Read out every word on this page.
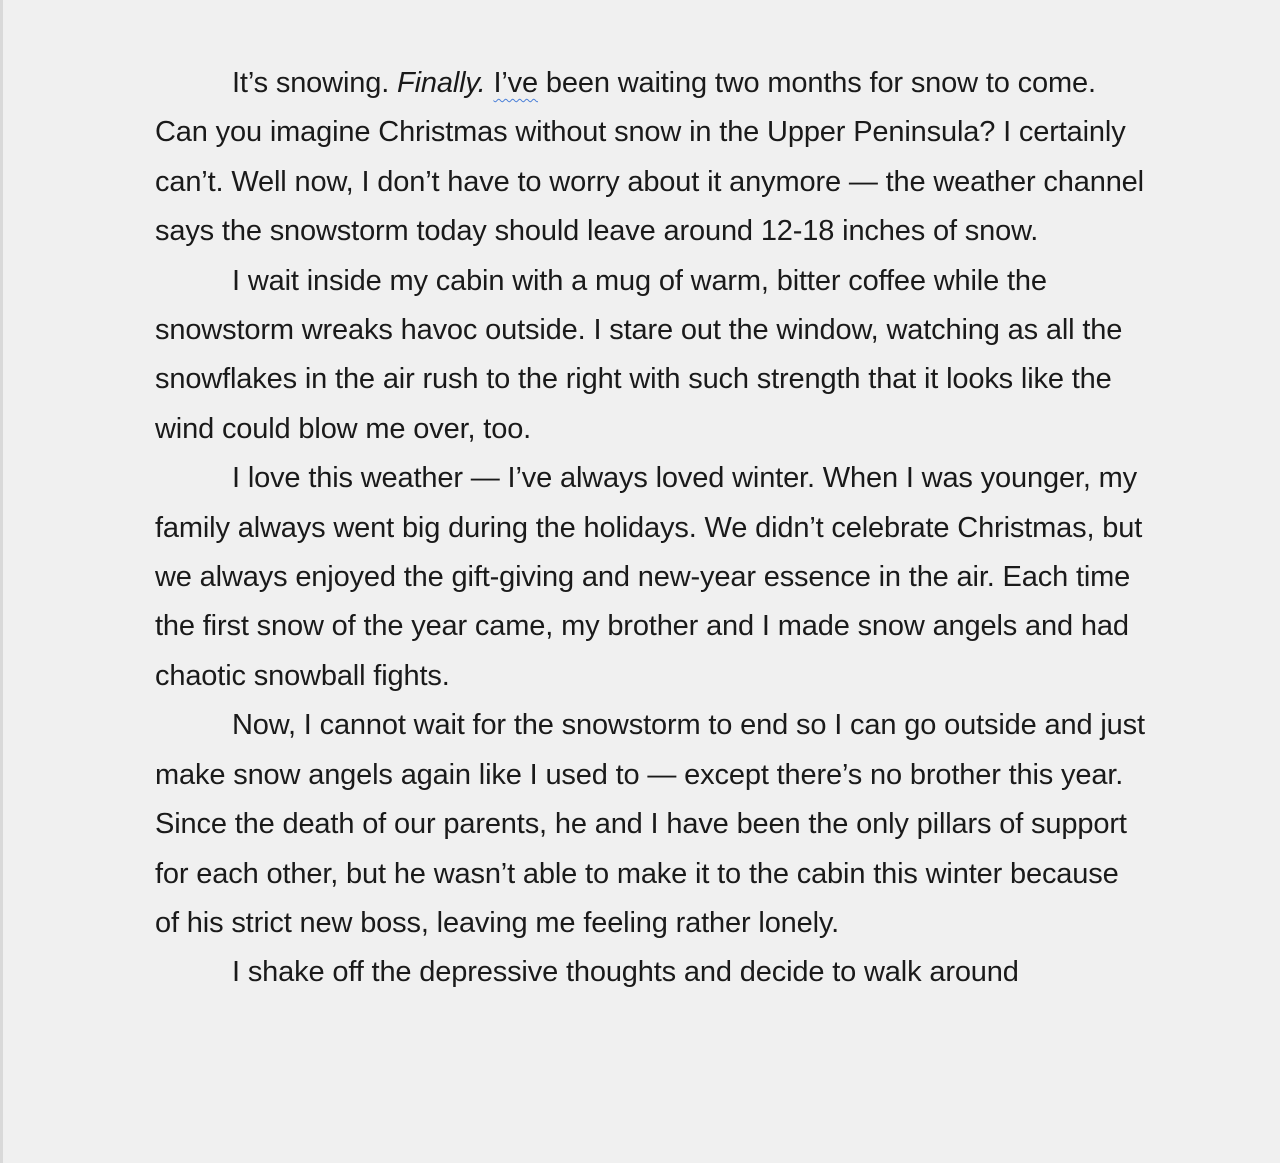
It’s snowing. Finally. I’ve been waiting two months for snow to come. Can you imagine Christmas without snow in the Upper Peninsula? I certainly can’t. Well now, I don’t have to worry about it anymore — the weather channel says the snowstorm today should leave around 12-18 inches of snow.

I wait inside my cabin with a mug of warm, bitter coffee while the snowstorm wreaks havoc outside. I stare out the window, watching as all the snowflakes in the air rush to the right with such strength that it looks like the wind could blow me over, too.

I love this weather — I’ve always loved winter. When I was younger, my family always went big during the holidays. We didn’t celebrate Christmas, but we always enjoyed the gift-giving and new-year essence in the air. Each time the first snow of the year came, my brother and I made snow angels and had chaotic snowball fights.

Now, I cannot wait for the snowstorm to end so I can go outside and just make snow angels again like I used to — except there’s no brother this year. Since the death of our parents, he and I have been the only pillars of support for each other, but he wasn’t able to make it to the cabin this winter because of his strict new boss, leaving me feeling rather lonely.

I shake off the depressive thoughts and decide to walk around
